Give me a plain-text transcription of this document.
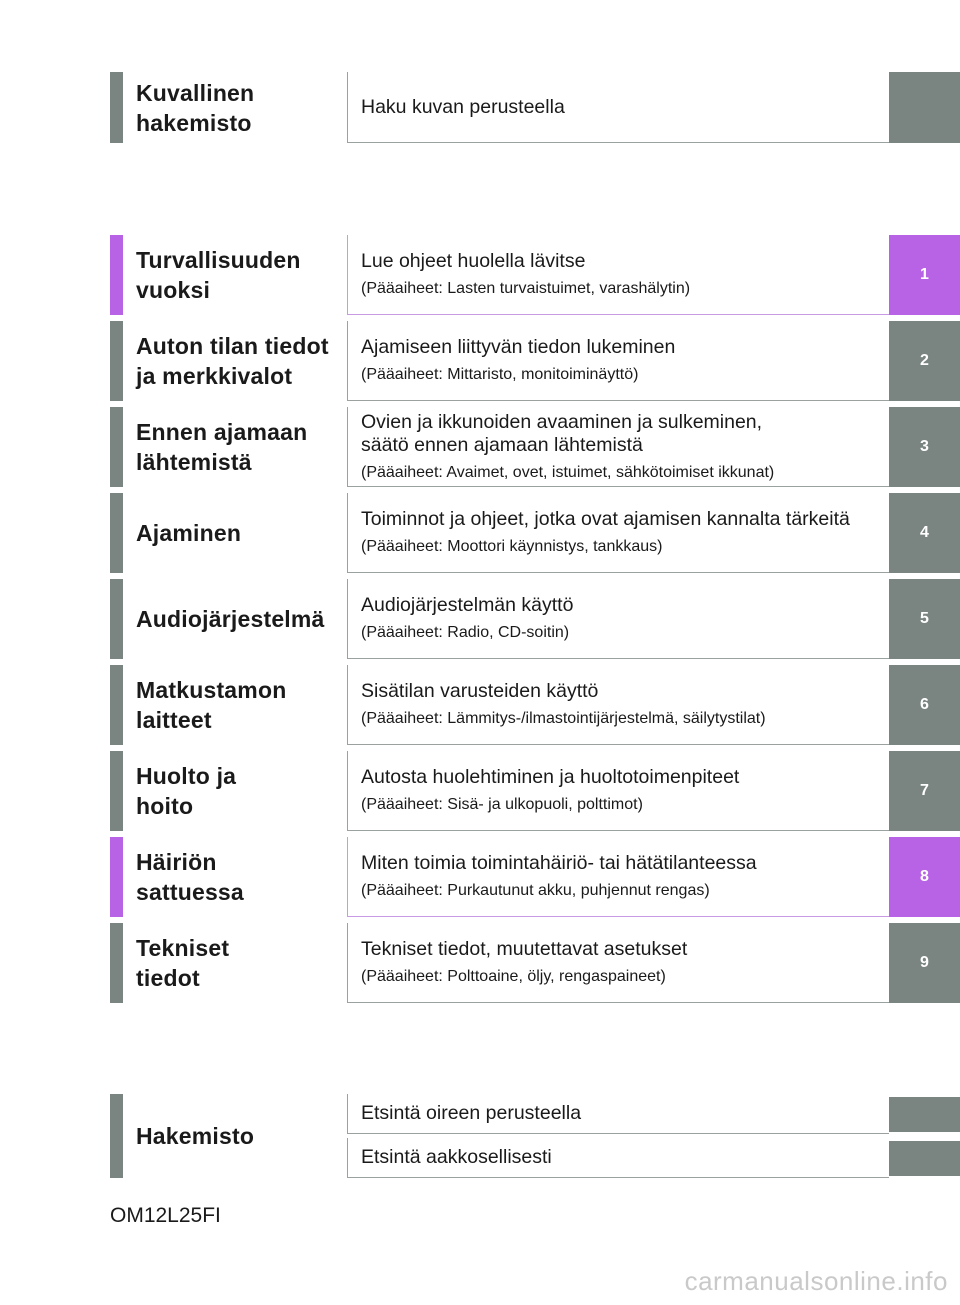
Kuvallinen
hakemisto
Haku kuvan perusteella
Turvallisuuden
vuoksi
Lue ohjeet huolella lävitse
(Pääaiheet: Lasten turvaistuimet, varashälytin)
1
Auton tilan tiedot
ja merkkivalot
Ajamiseen liittyvän tiedon lukeminen
(Pääaiheet: Mittaristo, monitoiminäyttö)
2
Ennen ajamaan
lähtemistä
Ovien ja ikkunoiden avaaminen ja sulkeminen,
säätö ennen ajamaan lähtemistä
(Pääaiheet: Avaimet, ovet, istuimet, sähkötoimiset ikkunat)
3
Ajaminen
Toiminnot ja ohjeet, jotka ovat ajamisen kannalta tärkeitä
(Pääaiheet: Moottori käynnistys, tankkaus)
4
Audiojärjestelmä
Audiojärjestelmän käyttö
(Pääaiheet: Radio, CD-soitin)
5
Matkustamon
laitteet
Sisätilan varusteiden käyttö
(Pääaiheet: Lämmitys-/ilmastointijärjestelmä, säilytystilat)
6
Huolto ja
hoito
Autosta huolehtiminen ja huoltotoimenpiteet
(Pääaiheet: Sisä- ja ulkopuoli, polttimot)
7
Häiriön
sattuessa
Miten toimia toimintahäiriö- tai hätätilanteessa
(Pääaiheet: Purkautunut akku, puhjennut rengas)
8
Tekniset
tiedot
Tekniset tiedot, muutettavat asetukset
(Pääaiheet: Polttoaine, öljy, rengaspaineet)
9
Hakemisto
Etsintä oireen perusteella
Etsintä aakkosellisesti
OM12L25FI
carmanualsonline.info
